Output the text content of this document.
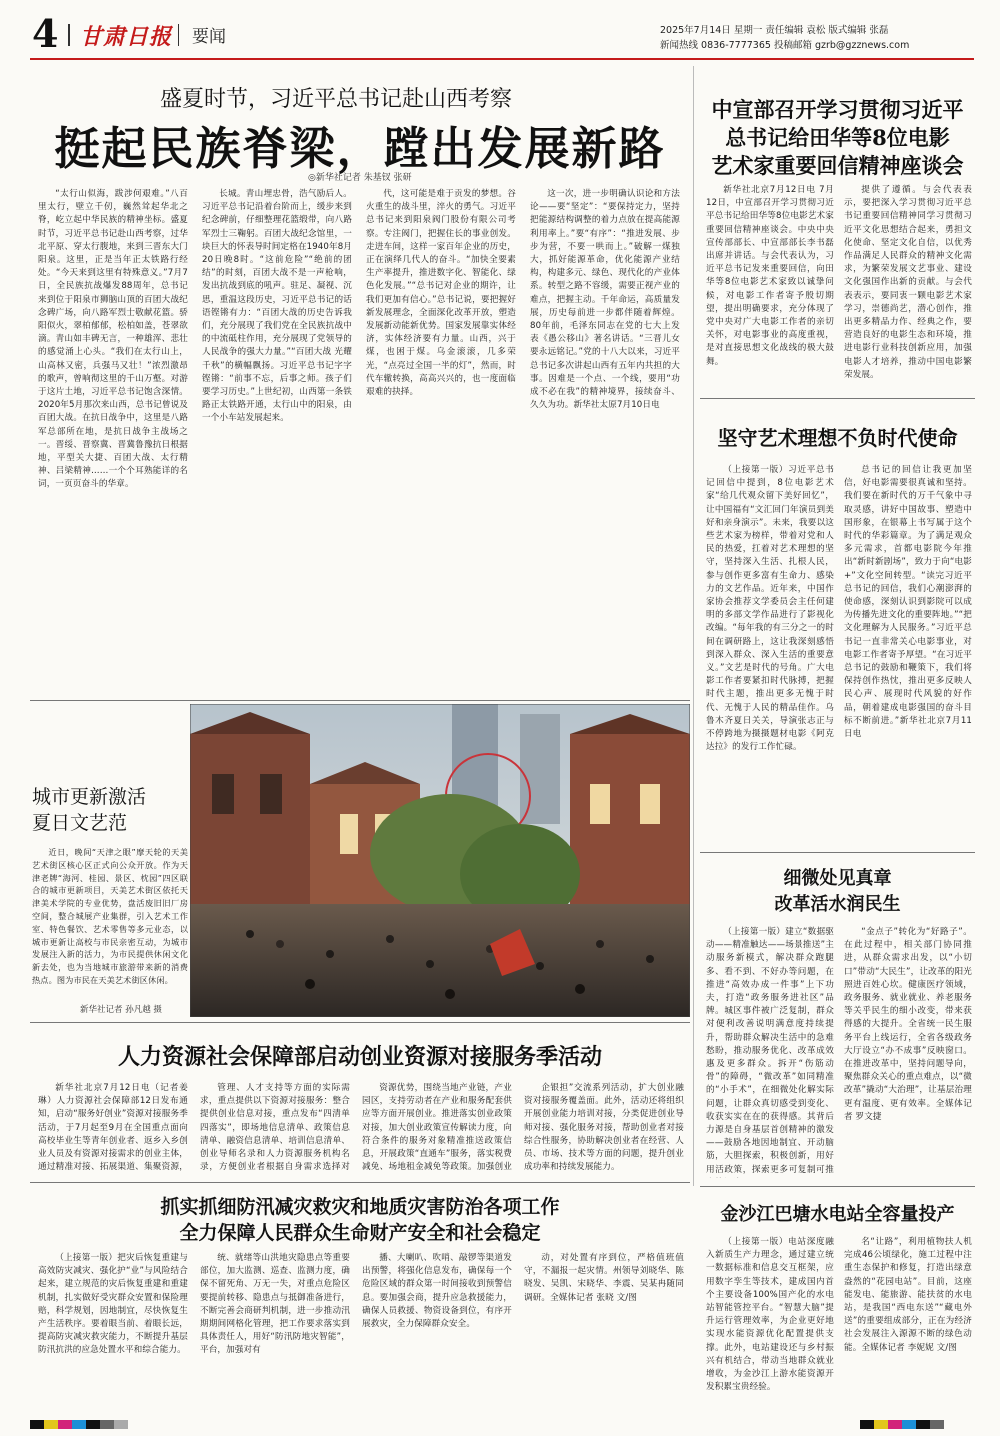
4 甘肃日报 要闻	2025年7月14日 星期一 责任编辑 袁松 版式编辑 张磊
新闻热线 0836-7777365 投稿邮箱 gzrb@gzznews.com
盛夏时节，习近平总书记赴山西考察
挺起民族脊梁，蹚出发展新路
◎新华社记者 朱基钗 张研
“太行山似海，跋涉何艰难。”八百里太行，壁立千仞，巍然耸起华北之脊，屹立起中华民族的精神坐标。盛夏时节，习近平总书记赴山西考察，过华北平原、穿太行腹地，来到三晋东大门阳泉。这里，正是当年正太铁路行经处。“今天来到这里有特殊意义。”7月7日，全民族抗战爆发88周年，总书记来到位于阳泉市狮脑山顶的百团大战纪念碑广场，向八路军烈士敬献花篮。骄阳似火，翠柏郁郁，松柏如盖，苍翠欲滴。青山如丰碑无言，一种雄浑、悲壮的感觉涌上心头。“我们在太行山上，山高林又密，兵强马又壮！”浓烈激昂的歌声，曾响彻这里的千山万壑。对游于这片土地，习近平总书记饱含深情。2020年5月那次来山西，总书记曾说及百团大战。在抗日战争中，这里是八路军总部所在地，是抗日战争主战场之一。晋绥、晋察冀、晋冀鲁豫抗日根据地，平型关大捷、百团大战、太行精神、吕梁精神……一个个耳熟能详的名词，一页页奋斗的华章。
长城。青山埋忠骨，浩气励后人。习近平总书记沿着台阶而上，缓步来到纪念碑前，仔细整理花篮缎带，向八路军烈士三鞠躬。百团大战纪念馆里，一块巨大的怀表导时间定格在1940年8月20日晚8时。“这前危险”“绝前的团结”的时刻，百团大战不是一声枪响，发出抗战到底的吼声。驻足、凝视、沉思，重温这段历史，习近平总书记的话语铿锵有力：“百团大战的历史告诉我们，充分展现了我们党在全民族抗战中的中流砥柱作用，充分展现了党领导的人民战争的强大力量。”“百团大战 光耀千秋”的横幅飘扬。习近平总书记字字铿锵：“前事不忘，后事之师。孩子们要学习历史。”上世纪初，山西第一条铁路正太铁路开通，太行山中的阳泉，由一个小车站发展起来。
代，这可能是难于贡发的梦想。谷火重生的战斗里，淬火的勇气。习近平总书记来到阳泉阀门股份有限公司考察。专注阀门，把握住长的事业创发。走进车间，这样一家百年企业的历史，正在演绎几代人的奋斗。“加快全要素生产率提升，推进数字化、智能化、绿色化发展。”“总书记对企业的期许，让我们更加有信心。”总书记说，要把握好新发展理念，全面深化改革开放，塑造发展新动能新优势。国家发展靠实体经济，实体经济要有力量。山西，兴于煤，也困于煤。乌金滚滚，几多荣光，“点亮过全国一半的灯”，然而，时代车辙转换，高高兴兴的，也一度面临艰难的抉择。
这一次，进一步明确认识论和方法论——要“坚定”：“要保持定力，坚持把能源结构调整的着力点放在提高能源利用率上。”要“有序”：“推进发展、步步为营，不要一哄而上。”破解一煤独大，抓好能源革命，优化能源产业结构，构建多元、绿色、现代化的产业体系。转型之路不容缓，需要正视产业的难点，把握主动。千年命运，高质量发展，历史每前进一步都伴随着辉煌。80年前，毛泽东同志在党的七大上发表《愚公移山》著名讲话。“三晋儿女要永远铭记。”党的十八大以来，习近平总书记多次讲起山西有五年内共担的大事。因难是一个点、一个线，要用“功成不必在我”的精神境界，接续奋斗、久久为功。新华社太原7月10日电
中宣部召开学习贯彻习近平
总书记给田华等8位电影
艺术家重要回信精神座谈会
新华社北京7月12日电 7月12日，中宣部召开学习贯彻习近平总书记给田华等8位电影艺术家重要回信精神座谈会。中央中央宣传部部长、中宣部部长李书磊出席并讲话。与会代表认为，习近平总书记发来重要回信，向田华等8位电影艺术家致以诚挚问候，对电影工作者寄予殷切期望，提出明确要求，充分体现了党中央对广大电影工作者的亲切关怀，对电影事业的高度重视，是对直接思想文化战线的极大鼓舞。
提供了遵循。与会代表表示，要把深入学习贯彻习近平总书记重要回信精神同学习贯彻习近平文化思想结合起来，勇担文化使命、坚定文化自信，以优秀作品满足人民群众的精神文化需求，为繁荣发展文艺事业、建设文化强国作出新的贡献。与会代表表示，要同衷一颗电影艺术家学习，崇德尚艺，潜心创作，推出更多精品力作、经典之作，要营造良好的电影生态和环境，推进电影行业科技创新应用，加强电影人才培养，推动中国电影繁荣发展。
坚守艺术理想不负时代使命
（上接第一版）习近平总书记回信中提到，8位电影艺术家“给几代观众留下美好回忆”，让中国福有“文汇回门年演员到美好和亲身演示”。未来，我要以这些艺术家为榜样，带着对党和人民的热爱，扛着对艺术理想的坚守，坚持深入生活、扎根人民，参与创作更多富有生命力、感染力的文艺作品。近年来，中国作家协会推荐文学委员会主任何建明的多部文学作品进行了影视化改编。“每年我的有三分之一的时间在调研路上，这让我深刻感悟到深入群众、深入生活的重要意义。”文艺是时代的号角。广大电影工作者要紧扣时代脉搏，把握时代主题，推出更多无愧于时代、无愧于人民的精品佳作。乌鲁木齐夏日关关，导演张志正与不停跨地为摄摄题材电影《阿克达拉》的发行工作忙碌。
总书记的回信让我更加坚信，好电影需要很真诚和坚持。我们要在新时代的万千气象中寻取灵感，讲好中国故事、塑造中国形象，在银幕上书写属于这个时代的华彩篇章。为了满足观众多元需求，首都电影院今年推出“新时新剧场”，致力于向“电影+”文化空间转型。“读完习近平总书记的回信，我们心潮澎湃的使命感，深刻认识到影院可以成为传播先进文化的重要阵地。”“把文化理解为人民服务。”习近平总书记一直非常关心电影事业，对电影工作者寄予厚望。“在习近平总书记的鼓励和鞭策下，我们将保持创作热忱，推出更多反映人民心声、展现时代风貌的好作品，朝着建成电影强国的奋斗目标不断前进。”新华社北京7月11日电
细微处见真章
改革活水润民生
（上接第一版）建立“数据驱动——精准触达——场景推送”主动服务新模式，解决群众跑腿多、看不到、不好办等问题，在推进“高效办成一件事”上下功夫，打造“政务服务进社区”品牌。城区事件被广泛复制，群众对便利改善说明满意度持续提升，帮助群众解决生活中的急难愁盼，推动服务优化、改革成效惠及更多群众。拆开“伤筋动骨”的障碍，“微改革”如同精准的“小手术”，在细微处化解实际问题，让群众真切感受到变化、收获实实在在的获得感。其背后力源是自身基层首创精神的激发——鼓励各地因地制宜、开动脑筋，大胆探索，积极创新，用好用活政策，探索更多可复制可推
“金点子”转化为“好路子”。在此过程中，相关部门协同推进，从群众需求出发，以“小切口”带动“大民生”，让改革的阳光照进百姓心坎。健康医疗领域，政务服务、就业就业、养老服务等关乎民生的细小改变，带来获得感的大提升。全省统一民生服务平台上线运行，全省各级政务大厅设立“办不成事”反映窗口。在推进改革中，坚持问题导向，聚焦群众关心的重点难点，以“微改革”撬动“大治理”，让基层治理更有温度、更有效率。全媒体记者 罗文捷
城市更新激活
夏日文艺范
近日，晚间“天津之眼”摩天轮的天美艺术街区核心区正式向公众开放。作为天津老牌“海河、桂园、景区、枕园”四区联合的城市更新项目，天美艺术街区依托天津美术学院的专业优势，盘活废旧旧厂房空间，整合城展产业集群，引入艺术工作室、特色餐饮、艺术零售等多元业态，以城市更新让高校与市民亲密互动，为城市发展注入新的活力，为市民提供休闲文化新去处，也为当地城市旅游带来新的消费热点。图为市民在天美艺术街区休闲。
新华社记者 孙凡越 摄
人力资源社会保障部启动创业资源对接服务季活动
新华社北京7月12日电（记者姜琳）人力资源社会保障部12日发布通知，启动“服务好创业”资源对接服务季活动，于7月起至9月在全国重点面向高校毕业生等青年创业者、返乡入乡创业人员及有资源对接需求的创业主体，通过精准对接、拓展渠道、集聚资源，
管理、人才支持等方面的实际需求，重点提供以下资源对接服务：整合提供创业信息对接，重点发布“四清单四落实”，即场地信息清单、政策信息清单、融资信息清单、培训信息清单、创业导师名录和人力资源服务机构名录，方便创业者根据自身需求选择对
资源优势，围绕当地产业链，产业园区，支持劳动者在产业和服务配套供应等方面开展创业。推进落实创业政策对接，加大创业政策宣传解读力度，向符合条件的服务对象精准推送政策信息，开展政策“直通车”服务，落实税费减免、场地租金减免等政策。加强创业
企银担”交流系列活动，扩大创业融资对接服务覆盖面。此外，活动还将组织开展创业能力培训对接，分类促进创业导师对接、强化服务对接，帮助创业者对接综合性服务，协助解决创业者在经营、人员、市场、技术等方面的问题，提升创业成功率和持续发展能力。
抓实抓细防汛减灾救灾和地质灾害防治各项工作
全力保障人民群众生命财产安全和社会稳定
（上接第一版）把灾后恢复重建与高效防灾减灾、强化护“业”与风险结合起来，建立规范的灾后恢复重建和重建机制，扎实做好受灾群众安置和保险理赔，科学规划，因地制宜，尽快恢复生产生活秩序。要着眼当前、着眼长远，提高防灾减灾救灾能力，不断提升基层防汛抗洪的应急处置水平和综合能力。
统、就绪等山洪地灾隐患点等重要部位，加大监测、巡查、监测力度，确保不留死角、万无一失，对重点危险区要提前转移、隐患点与抵御准备进行，不断完善会商研判机制，进一步推动汛期期间网格化管理，把工作要求落实到具体责任人，用好“防汛防地灾智能”，平台，加强对有
播、大喇叭、吹哨、敲锣等渠道发出预警，将强化信息发布，确保每一个危险区域的群众第一时间接收到预警信息。要加强会商，提升应急救援能力，确保人员救援、物资设备到位，有序开展救灾，全力保障群众安全。
动，对处置有序到位，严格值班值守，不漏报一起灾情。州领导刘晓华、陈晓发、吴凯、宋晓华、李震、吴某冉随同调研。全媒体记者 张晓 文/图
金沙江巴塘水电站全容量投产
（上接第一版）电站深度融入新质生产力理念，通过建立统一数据标准和信息交互框架，应用数字孪生等技术，建成国内首个主要设备100%国产化的水电站智能管控平台。“智慧大脑”提升运行管理效率，为企业更好地实现水能资源优化配置提供支撑。此外，电站建设还与乡村振兴有机结合，带动当地群众就业增收，为金沙江上游水能资源开发积累宝贵经验。
名“让路”，利用植物扶人机完成46公顷绿化，施工过程中注重生态保护和修复，打造出绿意盎然的“花园电站”。目前，这座能发电、能旅游、能扶贫的水电站，是我国“西电东送”“藏电外送”的重要组成部分，正在为经济社会发展注入源源不断的绿色动能。全媒体记者 李妮妮 文/图
